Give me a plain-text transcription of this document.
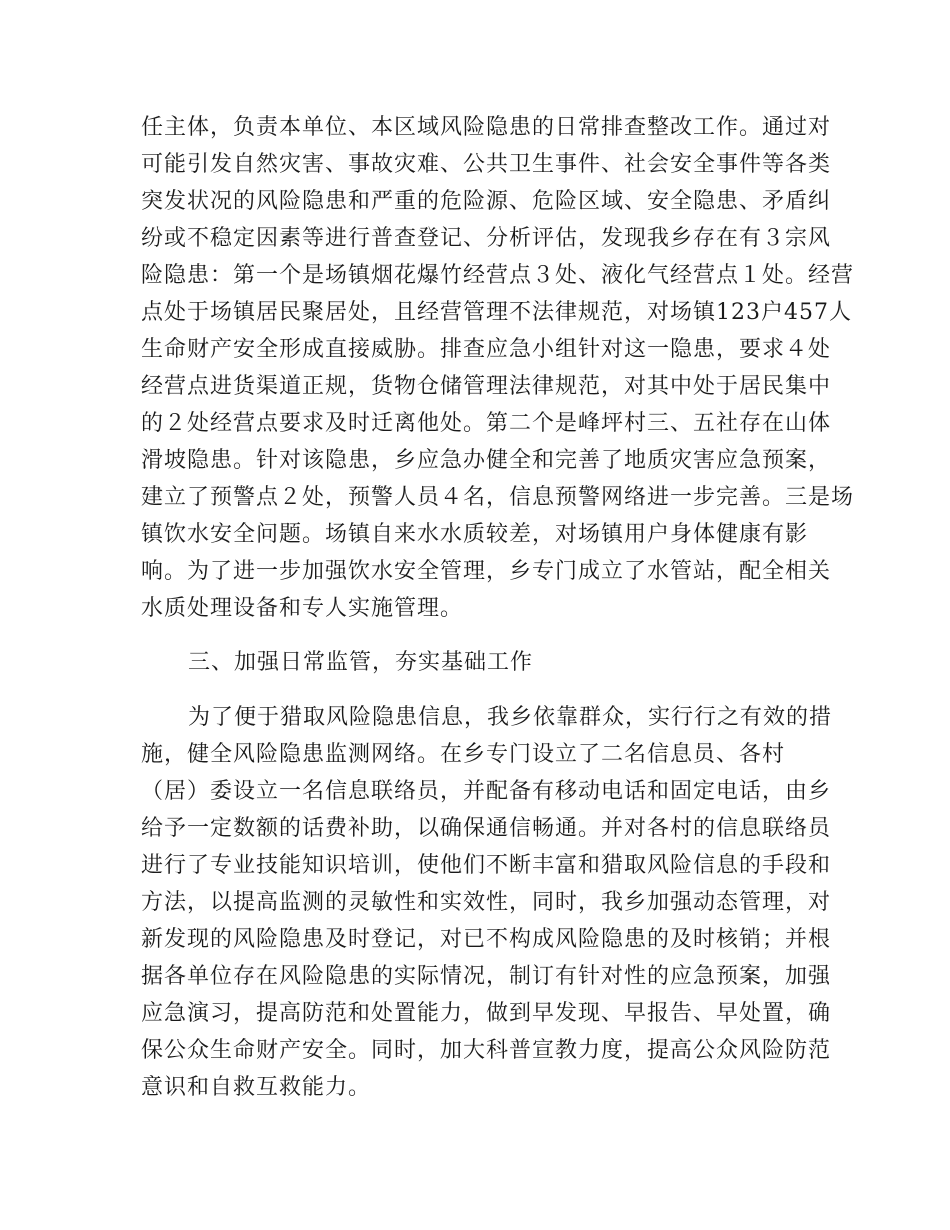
任主体，负责本单位、本区域风险隐患的日常排查整改工作。通过对
可能引发自然灾害、事故灾难、公共卫生事件、社会安全事件等各类
突发状况的风险隐患和严重的危险源、危险区域、安全隐患、矛盾纠
纷或不稳定因素等进行普查登记、分析评估，发现我乡存在有３宗风
险隐患：第一个是场镇烟花爆竹经营点３处、液化气经营点１处。经营
点处于场镇居民聚居处，且经营管理不法律规范，对场镇123户457人
生命财产安全形成直接威胁。排查应急小组针对这一隐患，要求４处
经营点进货渠道正规，货物仓储管理法律规范，对其中处于居民集中
的２处经营点要求及时迁离他处。第二个是峰坪村三、五社存在山体
滑坡隐患。针对该隐患，乡应急办健全和完善了地质灾害应急预案，
建立了预警点２处，预警人员４名，信息预警网络进一步完善。三是场
镇饮水安全问题。场镇自来水水质较差，对场镇用户身体健康有影
响。为了进一步加强饮水安全管理，乡专门成立了水管站，配全相关
水质处理设备和专人实施管理。
三、加强日常监管，夯实基础工作
为了便于猎取风险隐患信息，我乡依靠群众，实行行之有效的措
施，健全风险隐患监测网络。在乡专门设立了二名信息员、各村
（居）委设立一名信息联络员，并配备有移动电话和固定电话，由乡
给予一定数额的话费补助，以确保通信畅通。并对各村的信息联络员
进行了专业技能知识培训，使他们不断丰富和猎取风险信息的手段和
方法，以提高监测的灵敏性和实效性，同时，我乡加强动态管理，对
新发现的风险隐患及时登记，对已不构成风险隐患的及时核销；并根
据各单位存在风险隐患的实际情况，制订有针对性的应急预案，加强
应急演习，提高防范和处置能力，做到早发现、早报告、早处置，确
保公众生命财产安全。同时，加大科普宣教力度，提高公众风险防范
意识和自救互救能力。
